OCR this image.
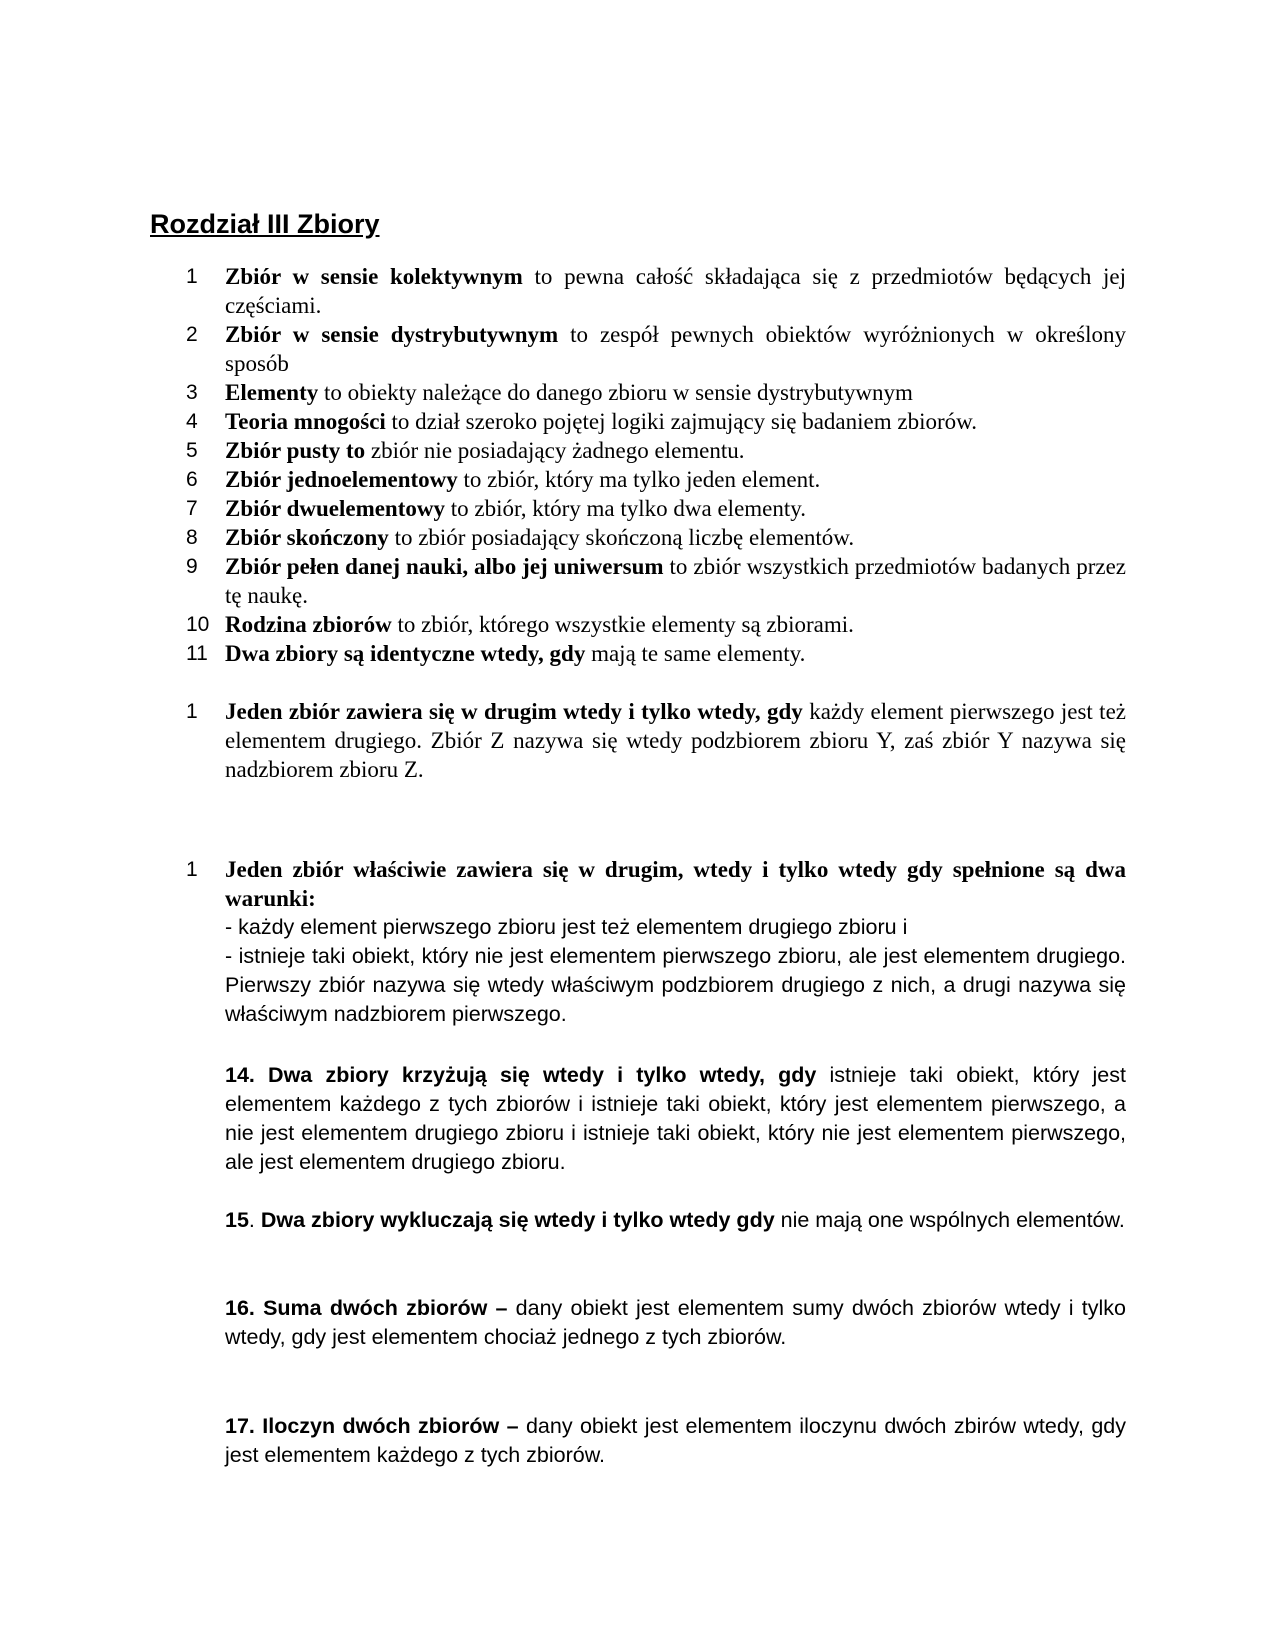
Rozdział III Zbiory
1	Zbiór w sensie kolektywnym to pewna całość składająca się z przedmiotów będących jej częściami.
2	Zbiór w sensie dystrybutywnym to zespół pewnych obiektów wyróżnionych w określony sposób
3	Elementy to obiekty należące do danego zbioru w sensie dystrybutywnym
4	Teoria mnogości to dział szeroko pojętej logiki zajmujący się badaniem zbiorów.
5	Zbiór pusty to zbiór nie posiadający żadnego elementu.
6	Zbiór jednoelementowy to zbiór, który ma tylko jeden element.
7	Zbiór dwuelementowy to zbiór, który ma tylko dwa elementy.
8	Zbiór skończony to zbiór posiadający skończoną liczbę elementów.
9	Zbiór pełen danej nauki, albo jej uniwersum to zbiór wszystkich przedmiotów badanych przez tę naukę.
10 Rodzina zbiorów to zbiór, którego wszystkie elementy są zbiorami.
11 Dwa zbiory są identyczne wtedy, gdy mają te same elementy.
1	Jeden zbiór zawiera się w drugim wtedy i tylko wtedy, gdy każdy element pierwszego jest też elementem drugiego. Zbiór Z nazywa się wtedy podzbiorem zbioru Y, zaś zbiór Y nazywa się nadzbiorem zbioru Z.
1	Jeden zbiór właściwie zawiera się w drugim, wtedy i tylko wtedy gdy spełnione są dwa warunki:
- każdy element pierwszego zbioru jest też elementem drugiego zbioru i
- istnieje taki obiekt, który nie jest elementem pierwszego zbioru, ale jest elementem drugiego. Pierwszy zbiór nazywa się wtedy właściwym podzbiorem drugiego z nich, a drugi nazywa się właściwym nadzbiorem pierwszego.
14. Dwa zbiory krzyżują się wtedy i tylko wtedy, gdy istnieje taki obiekt, który jest elementem każdego z tych zbiorów i istnieje taki obiekt, który jest elementem pierwszego, a nie jest elementem drugiego zbioru i istnieje taki obiekt, który nie jest elementem pierwszego, ale jest elementem drugiego zbioru.
15. Dwa zbiory wykluczają się wtedy i tylko wtedy gdy nie mają one wspólnych elementów.
16. Suma dwóch zbiorów – dany obiekt jest elementem sumy dwóch zbiorów wtedy i tylko wtedy, gdy jest elementem chociaż jednego z tych zbiorów.
17. Iloczyn dwóch zbiorów – dany obiekt jest elementem iloczynu dwóch zbirów wtedy, gdy jest elementem każdego z tych zbiorów.
